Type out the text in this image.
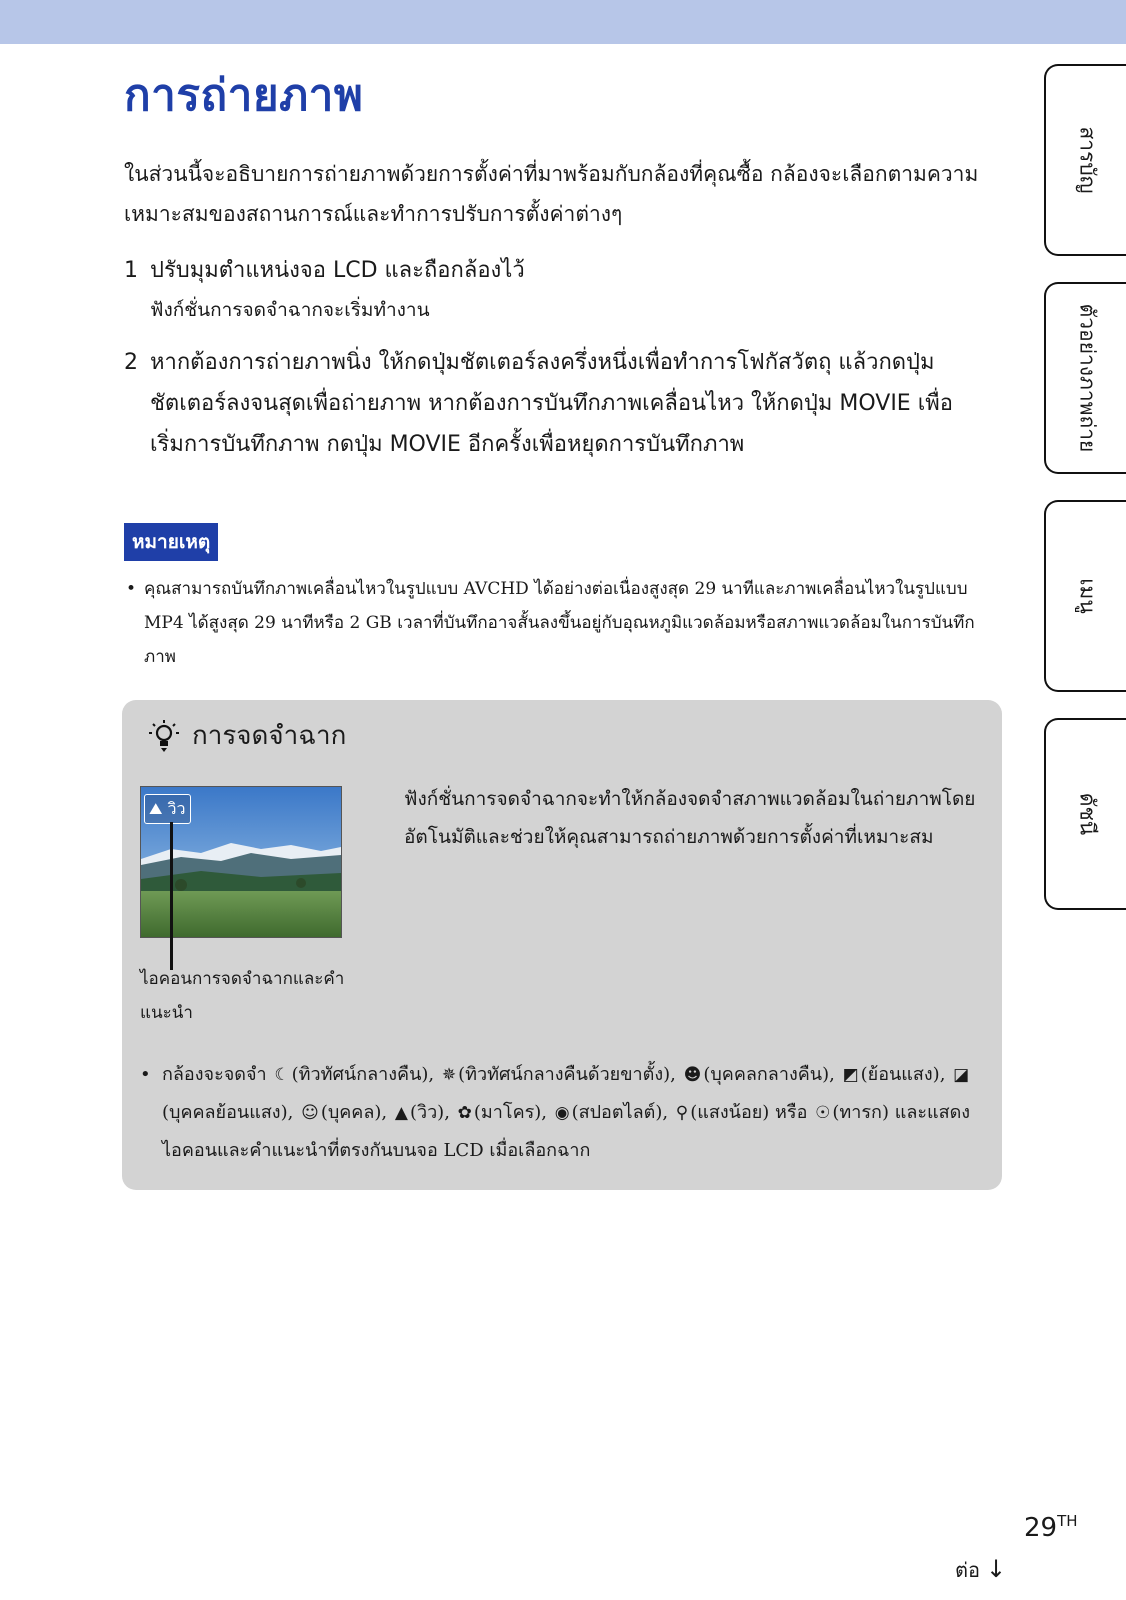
การถ่ายภาพ

ในส่วนนี้จะอธิบายการถ่ายภาพด้วยการตั้งค่าที่มาพร้อมกับกล้องที่คุณซื้อ กล้องจะเลือกตามความเหมาะสมของสถานการณ์และทำการปรับการตั้งค่าต่างๆ

1 ปรับมุมตำแหน่งจอ LCD และถือกล้องไว้
ฟังก์ชั่นการจดจำฉากจะเริ่มทำงาน
2 หากต้องการถ่ายภาพนิ่ง ให้กดปุ่มชัตเตอร์ลงครึ่งหนึ่งเพื่อทำการโฟกัสวัตถุ แล้วกดปุ่มชัตเตอร์ลงจนสุดเพื่อถ่ายภาพ หากต้องการบันทึกภาพเคลื่อนไหว ให้กดปุ่ม MOVIE เพื่อเริ่มการบันทึกภาพ กดปุ่ม MOVIE อีกครั้งเพื่อหยุดการบันทึกภาพ
หมายเหตุ

• คุณสามารถบันทึกภาพเคลื่อนไหวในรูปแบบ AVCHD ได้อย่างต่อเนื่องสูงสุด 29 นาทีและภาพเคลื่อนไหวในรูปแบบ MP4 ได้สูงสุด 29 นาทีหรือ 2 GB เวลาที่บันทึกอาจสั้นลงขึ้นอยู่กับอุณหภูมิแวดล้อมหรือสภาพแวดล้อมในการบันทึกภาพ

การจดจำฉาก
⛰ วิว

ไอคอนการจดจำฉากและคำแนะนำ

ฟังก์ชั่นการจดจำฉากจะทำให้กล้องจดจำสภาพแวดล้อมในถ่ายภาพโดยอัตโนมัติและช่วยให้คุณสามารถถ่ายภาพด้วยการตั้งค่าที่เหมาะสม

• กล้องจะจดจำ ☾ (ทิวทัศน์กลางคืน), ✵ (ทิวทัศน์กลางคืนด้วยขาตั้ง), ☻ (บุคคลกลางคืน), ◩ (ย้อนแสง), ◪(บุคคลย้อนแสง), ☺ (บุคคล), ▲ (วิว), ✿ (มาโคร), ◉ (สปอตไลต์), ⚲ (แสงน้อย) หรือ ☉ (ทารก) และแสดงไอคอนและคำแนะนำที่ตรงกันบนจอ LCD เมื่อเลือกฉาก
สารบัญ
ตัวอย่างภาพถ่าย
เมนู
ดัชนี
29TH
ต่อ ↓
